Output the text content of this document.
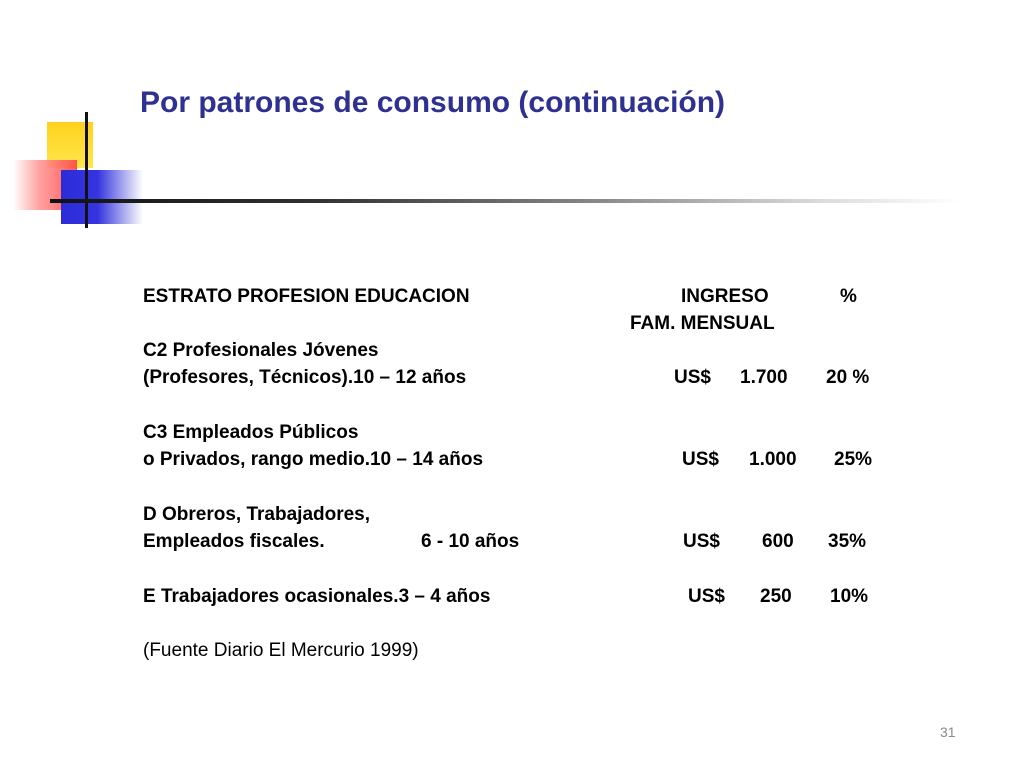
Por patrones de consumo (continuación)
ESTRATO PROFESION EDUCACION	INGRESO	%
FAM. MENSUAL
C2 Profesionales Jóvenes
(Profesores, Técnicos).10 – 12 años	US$ 1.700 20 %
C3 Empleados Públicos
o Privados, rango medio.10 – 14 años	US$ 1.000 25%
D Obreros, Trabajadores,
Empleados fiscales.	6 - 10 años	US$ 600 35%
E Trabajadores ocasionales.3 – 4 años	US$ 250 10%
(Fuente Diario El Mercurio 1999)
31
